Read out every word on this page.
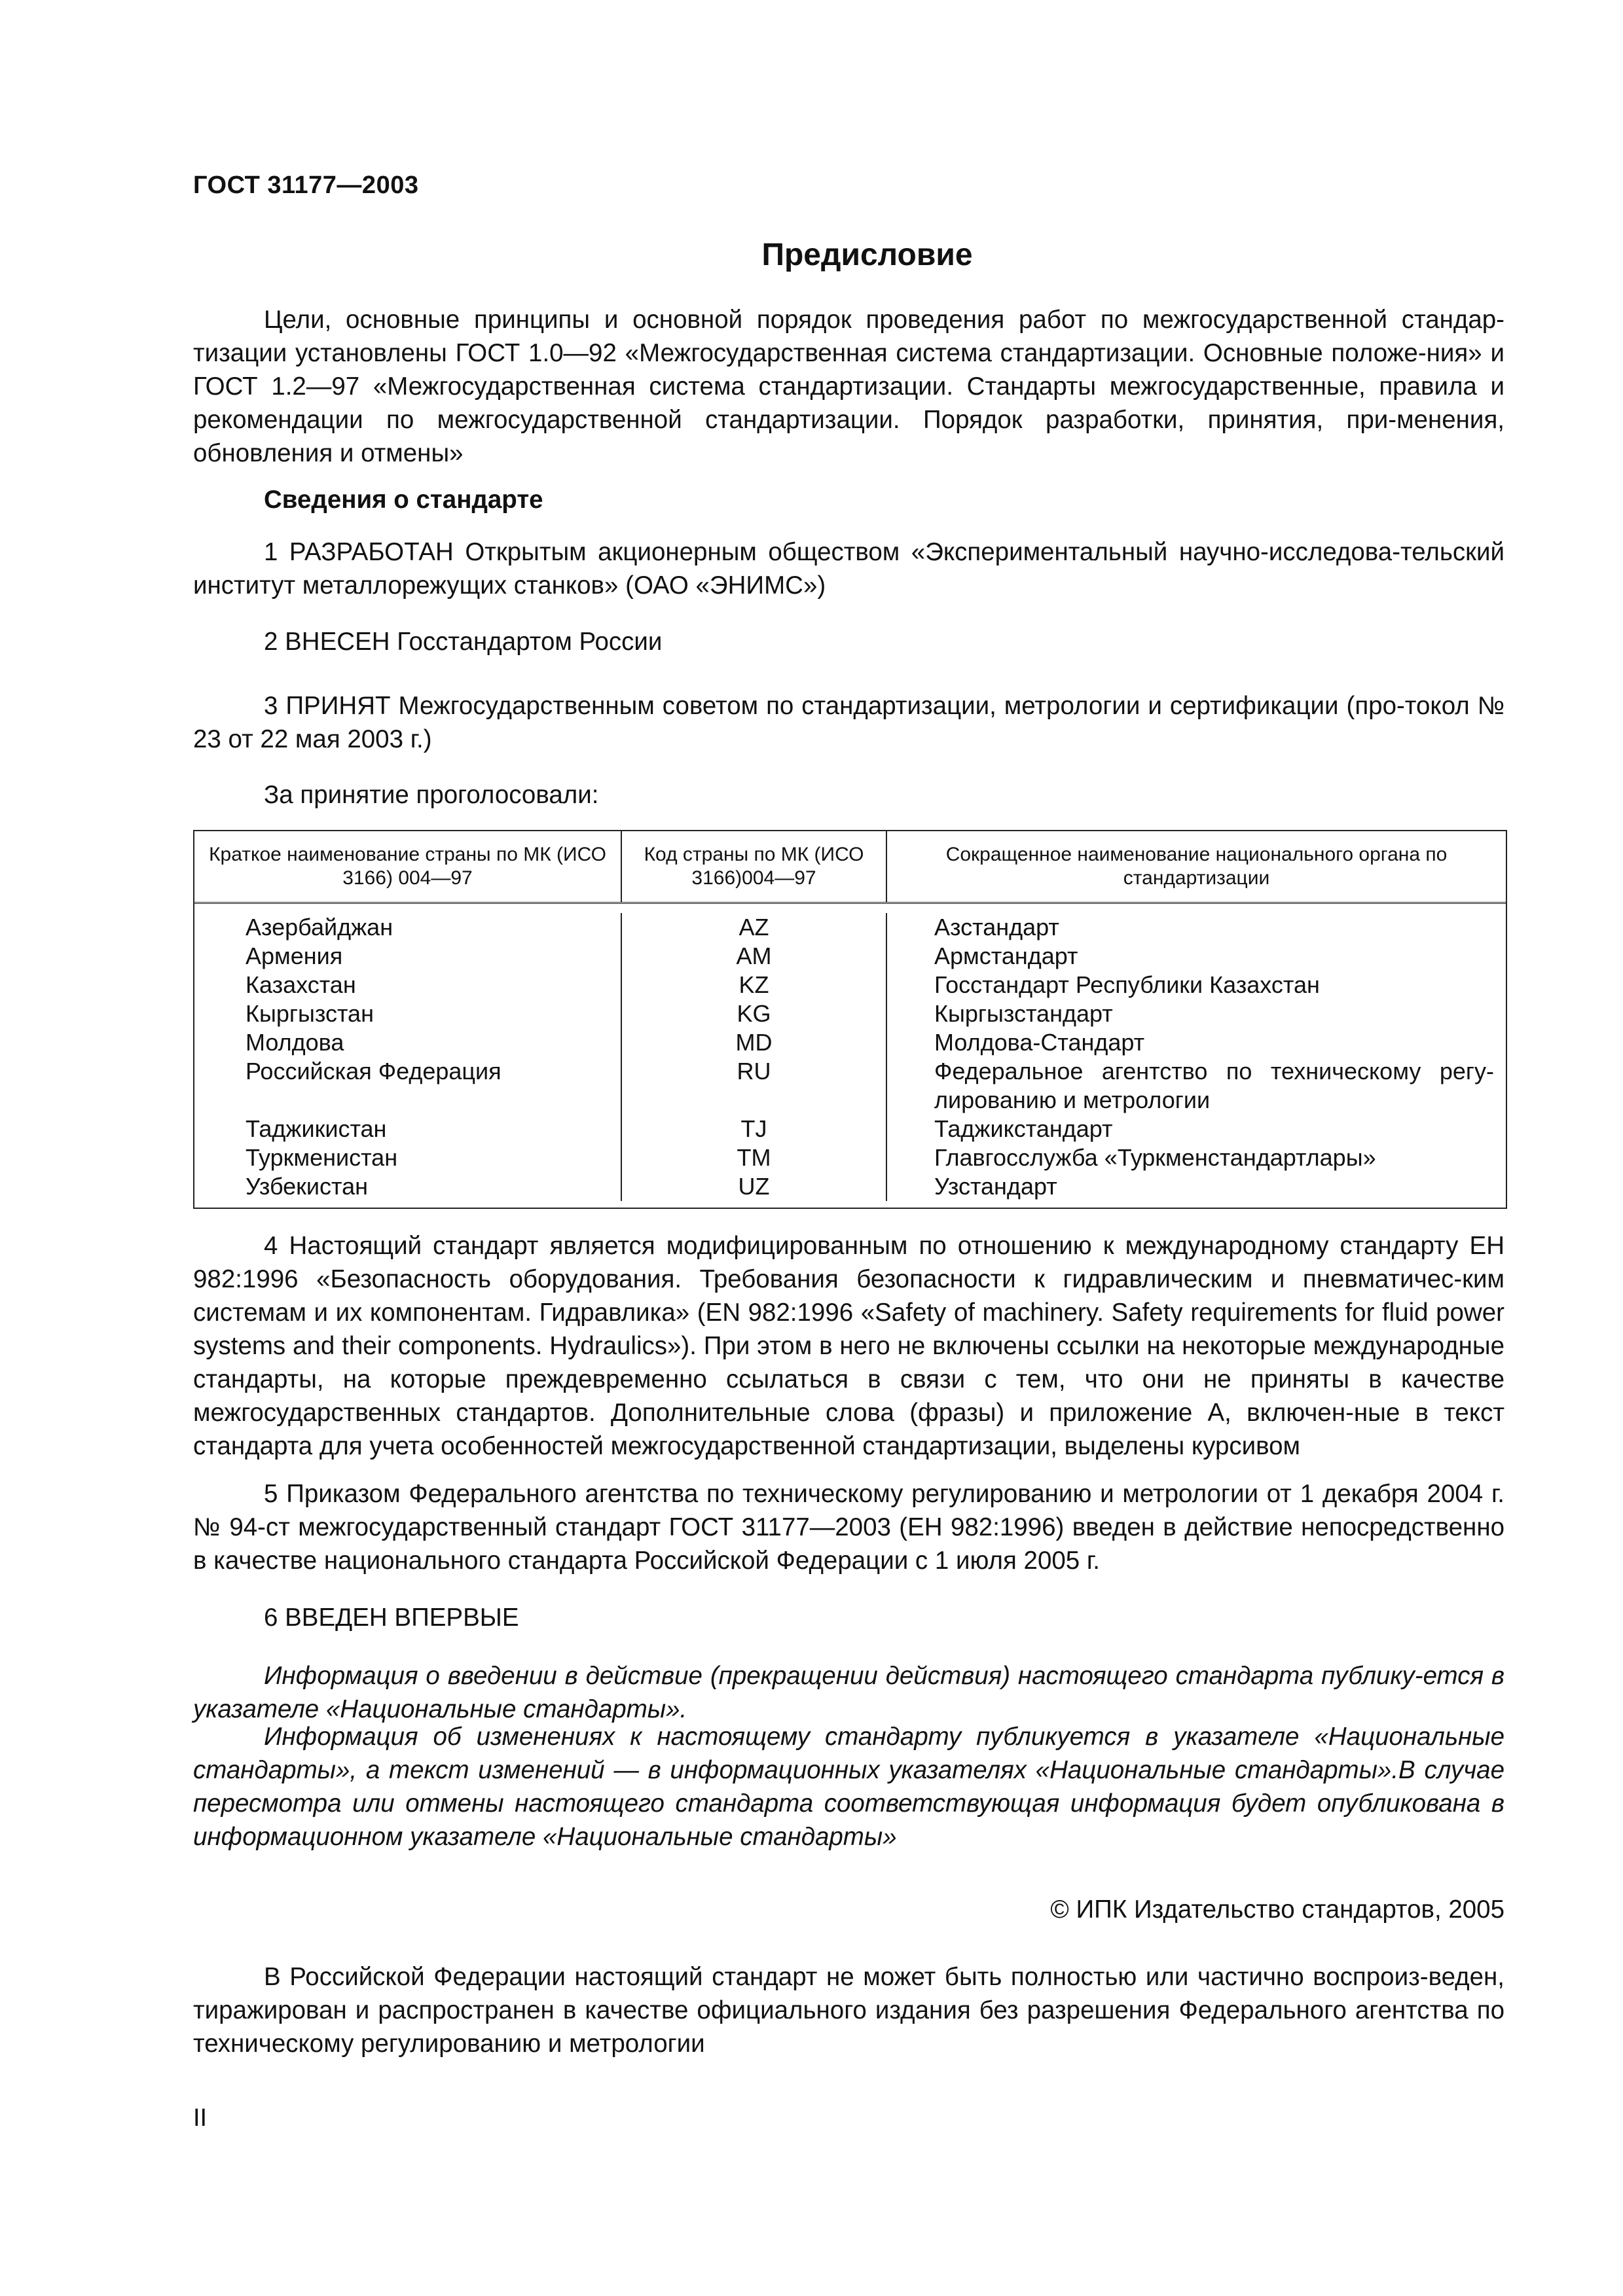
ГОСТ 31177—2003
Предисловие
Цели, основные принципы и основной порядок проведения работ по межгосударственной стандар-тизации установлены ГОСТ 1.0—92 «Межгосударственная система стандартизации. Основные положе-ния» и ГОСТ 1.2—97 «Межгосударственная система стандартизации. Стандарты межгосударственные, правила и рекомендации по межгосударственной стандартизации. Порядок разработки, принятия, при-менения, обновления и отмены»
Сведения о стандарте
1 РАЗРАБОТАН Открытым акционерным обществом «Экспериментальный научно-исследова-тельский институт металлорежущих станков» (ОАО «ЭНИМС»)
2 ВНЕСЕН Госстандартом России
3 ПРИНЯТ Межгосударственным советом по стандартизации, метрологии и сертификации (про-токол № 23 от 22 мая 2003 г.)
За принятие проголосовали:
Краткое наименование страны по МК (ИСО 3166) 004—97
Код страны по МК (ИСО 3166)004—97
Сокращенное наименование национального органа по стандартизации
Азербайджан
Армения
Казахстан
Кыргызстан
Молдова
Российская Федерация
Таджикистан
Туркменистан
Узбекистан
AZ
AM
KZ
KG
MD
RU
TJ
TM
UZ
Азстандарт
Армстандарт
Госстандарт Республики Казахстан
Кыргызстандарт
Молдова-Стандарт
Федеральное агентство по техническому регу-лированию и метрологии
Таджикстандарт
Главгосслужба «Туркменстандартлары»
Узстандарт
4 Настоящий стандарт является модифицированным по отношению к международному стандарту ЕН 982:1996 «Безопасность оборудования. Требования безопасности к гидравлическим и пневматичес-ким системам и их компонентам. Гидравлика» (EN 982:1996 «Safety of machinery. Safety requirements for fluid power systems and their components. Hydraulics»). При этом в него не включены ссылки на некоторые международные стандарты, на которые преждевременно ссылаться в связи с тем, что они не приняты в качестве межгосударственных стандартов. Дополнительные слова (фразы) и приложение А, включен-ные в текст стандарта для учета особенностей межгосударственной стандартизации, выделены курсивом
5 Приказом Федерального агентства по техническому регулированию и метрологии от 1 декабря 2004 г. № 94-ст межгосударственный стандарт ГОСТ 31177—2003 (ЕН 982:1996) введен в действие непосредственно в качестве национального стандарта Российской Федерации с 1 июля 2005 г.
6 ВВЕДЕН ВПЕРВЫЕ
Информация о введении в действие (прекращении действия) настоящего стандарта публику-ется в указателе «Национальные стандарты».
Информация об изменениях к настоящему стандарту публикуется в указателе «Национальные стандарты», а текст изменений — в информационных указателях «Национальные стандарты».В случае пересмотра или отмены настоящего стандарта соответствующая информация будет опубликована в информационном указателе «Национальные стандарты»
© ИПК Издательство стандартов, 2005
В Российской Федерации настоящий стандарт не может быть полностью или частично воспроиз-веден, тиражирован и распространен в качестве официального издания без разрешения Федерального агентства по техническому регулированию и метрологии
II
